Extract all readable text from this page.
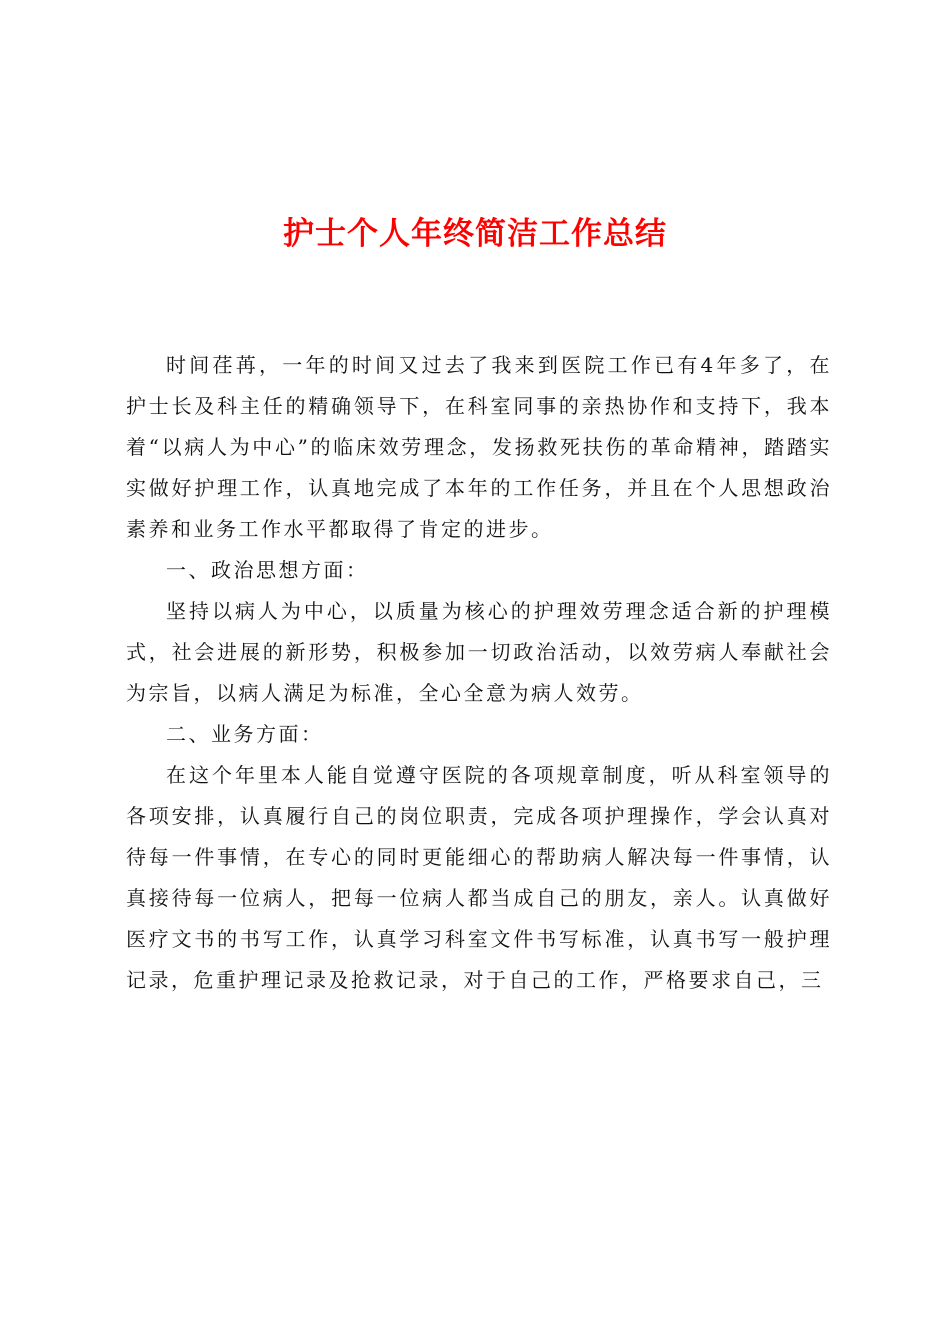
护士个人年终简洁工作总结

时间荏苒，一年的时间又过去了我来到医院工作已有4年多了，在护士长及科主任的精确领导下，在科室同事的亲热协作和支持下，我本着“以病人为中心”的临床效劳理念，发扬救死扶伤的革命精神，踏踏实实做好护理工作，认真地完成了本年的工作任务，并且在个人思想政治素养和业务工作水平都取得了肯定的进步。

一、政治思想方面：

坚持以病人为中心，以质量为核心的护理效劳理念适合新的护理模式，社会进展的新形势，积极参加一切政治活动，以效劳病人奉献社会为宗旨，以病人满足为标准，全心全意为病人效劳。

二、业务方面：

在这个年里本人能自觉遵守医院的各项规章制度，听从科室领导的各项安排，认真履行自己的岗位职责，完成各项护理操作，学会认真对待每一件事情，在专心的同时更能细心的帮助病人解决每一件事情，认真接待每一位病人，把每一位病人都当成自己的朋友，亲人。认真做好医疗文书的书写工作，认真学习科室文件书写标准，认真书写一般护理记录，危重护理记录及抢救记录，对于自己的工作，严格要求自己，三
